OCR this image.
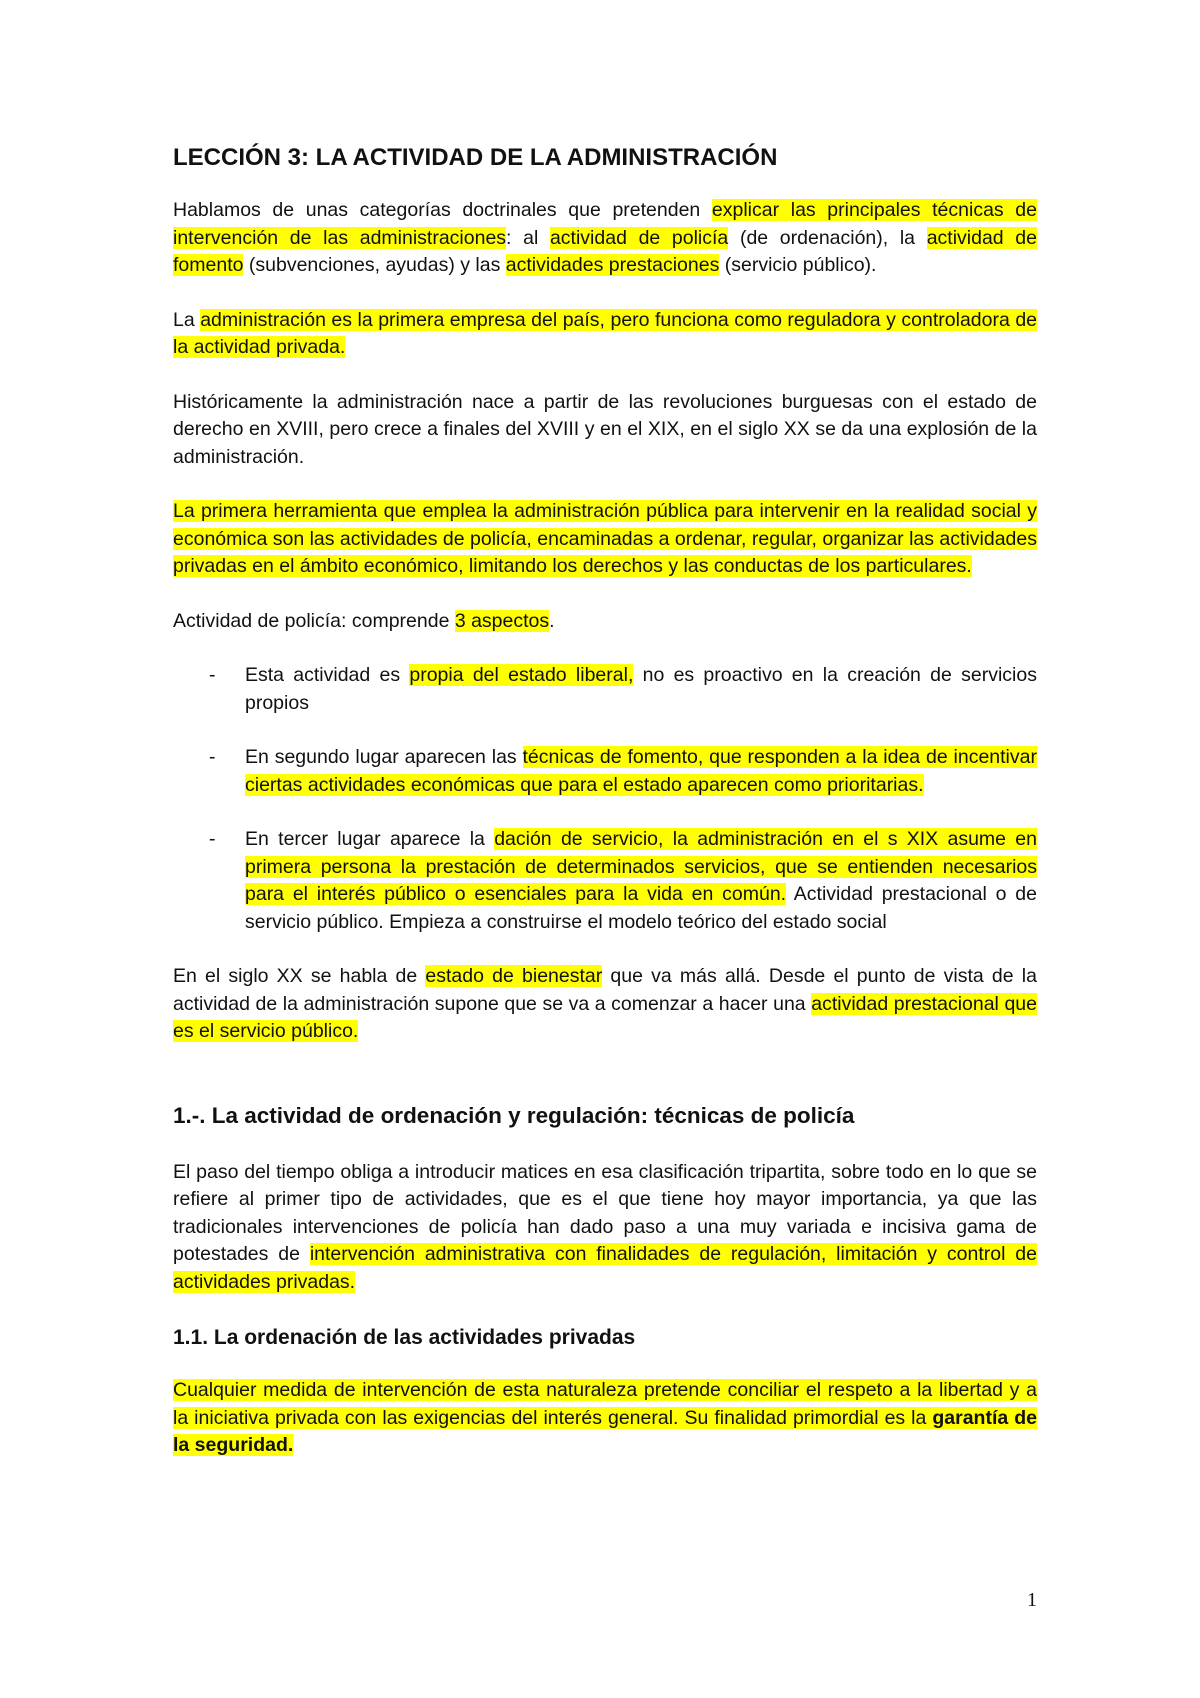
LECCIÓN 3: LA ACTIVIDAD DE LA ADMINISTRACIÓN

Hablamos de unas categorías doctrinales que pretenden explicar las principales técnicas de intervención de las administraciones: al actividad de policía (de ordenación), la actividad de fomento (subvenciones, ayudas) y las actividades prestaciones (servicio público).

La administración es la primera empresa del país, pero funciona como reguladora y controladora de la actividad privada.

Históricamente la administración nace a partir de las revoluciones burguesas con el estado de derecho en XVIII, pero crece a finales del XVIII y en el XIX, en el siglo XX se da una explosión de la administración.

La primera herramienta que emplea la administración pública para intervenir en la realidad social y económica son las actividades de policía, encaminadas a ordenar, regular, organizar las actividades privadas en el ámbito económico, limitando los derechos y las conductas de los particulares.

Actividad de policía: comprende 3 aspectos.

- Esta actividad es propia del estado liberal, no es proactivo en la creación de servicios propios

- En segundo lugar aparecen las técnicas de fomento, que responden a la idea de incentivar ciertas actividades económicas que para el estado aparecen como prioritarias.

- En tercer lugar aparece la dación de servicio, la administración en el s XIX asume en primera persona la prestación de determinados servicios, que se entienden necesarios para el interés público o esenciales para la vida en común. Actividad prestacional o de servicio público. Empieza a construirse el modelo teórico del estado social

En el siglo XX se habla de estado de bienestar que va más allá. Desde el punto de vista de la actividad de la administración supone que se va a comenzar a hacer una actividad prestacional que es el servicio público.

1.-. La actividad de ordenación y regulación: técnicas de policía

El paso del tiempo obliga a introducir matices en esa clasificación tripartita, sobre todo en lo que se refiere al primer tipo de actividades, que es el que tiene hoy mayor importancia, ya que las tradicionales intervenciones de policía han dado paso a una muy variada e incisiva gama de potestades de intervención administrativa con finalidades de regulación, limitación y control de actividades privadas.

1.1. La ordenación de las actividades privadas

Cualquier medida de intervención de esta naturaleza pretende conciliar el respeto a la libertad y a la iniciativa privada con las exigencias del interés general. Su finalidad primordial es la garantía de la seguridad.

1
